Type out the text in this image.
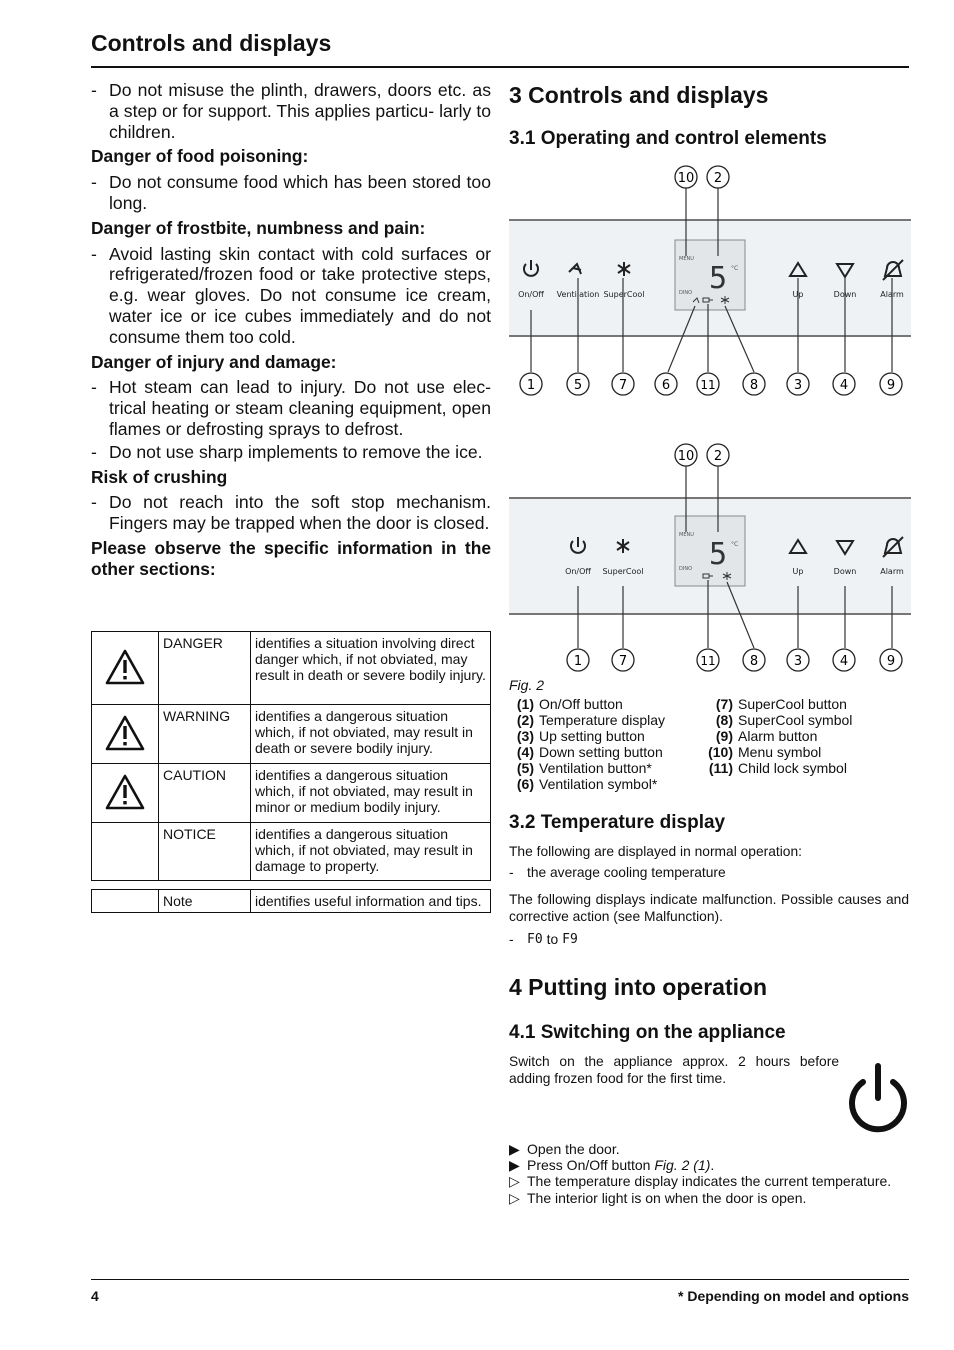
Controls and displays
- Do not misuse the plinth, drawers, doors etc. as a step or for support. This applies particu- larly to children.
Danger of food poisoning:
- Do not consume food which has been stored too long.
Danger of frostbite, numbness and pain:
- Avoid lasting skin contact with cold surfaces or refrigerated/frozen food or take protective steps, e.g. wear gloves. Do not consume ice cream, water ice or ice cubes immediately and do not consume them too cold.
Danger of injury and damage:
- Hot steam can lead to injury. Do not use elec- trical heating or steam cleaning equipment, open flames or defrosting sprays to defrost.
- Do not use sharp implements to remove the ice.
Risk of crushing
- Do not reach into the soft stop mechanism. Fingers may be trapped when the door is closed.
Please observe the specific information in the other sections:
	DANGER	identifies a situation involving direct danger which, if not obviated, may result in death or severe bodily injury.
	WARNING	identifies a dangerous situation which, if not obviated, may result in death or severe bodily injury.
	CAUTION	identifies a dangerous situation which, if not obviated, may result in minor or medium bodily injury.
	NOTICE	identifies a dangerous situation which, if not obviated, may result in damage to property.
	Note	identifies useful information and tips.
3 Controls and displays
3.1 Operating and control elements
MENU
5 °C
DINO
On/Off Ventilation SuperCool	Up	Down	Alarm
10 2
1	5	7	6	11	8	3	4	9
MENU
5 °C
DINO
On/Off SuperCool	Up	Down	Alarm
10 2
1	7	11	8	3	4	9
Fig. 2
(1) On/Off button
(2) Temperature display
(3) Up setting button
(4) Down setting button
(5) Ventilation button*
(6) Ventilation symbol*
(7) SuperCool button
(8) SuperCool symbol
(9) Alarm button
(10) Menu symbol
(11) Child lock symbol
3.2 Temperature display
The following are displayed in normal operation:
- the average cooling temperature
The following displays indicate malfunction. Possible causes and corrective action (see Malfunction).
-	F0 to F9
4 Putting into operation
4.1 Switching on the appliance
Switch on the appliance approx. 2 hours before adding frozen food for the first time.
▶ Open the door.
▶ Press On/Off button Fig. 2 (1) .
▷ The temperature display indicates the current temperature.
▷ The interior light is on when the door is open.
4	* Depending on model and options
